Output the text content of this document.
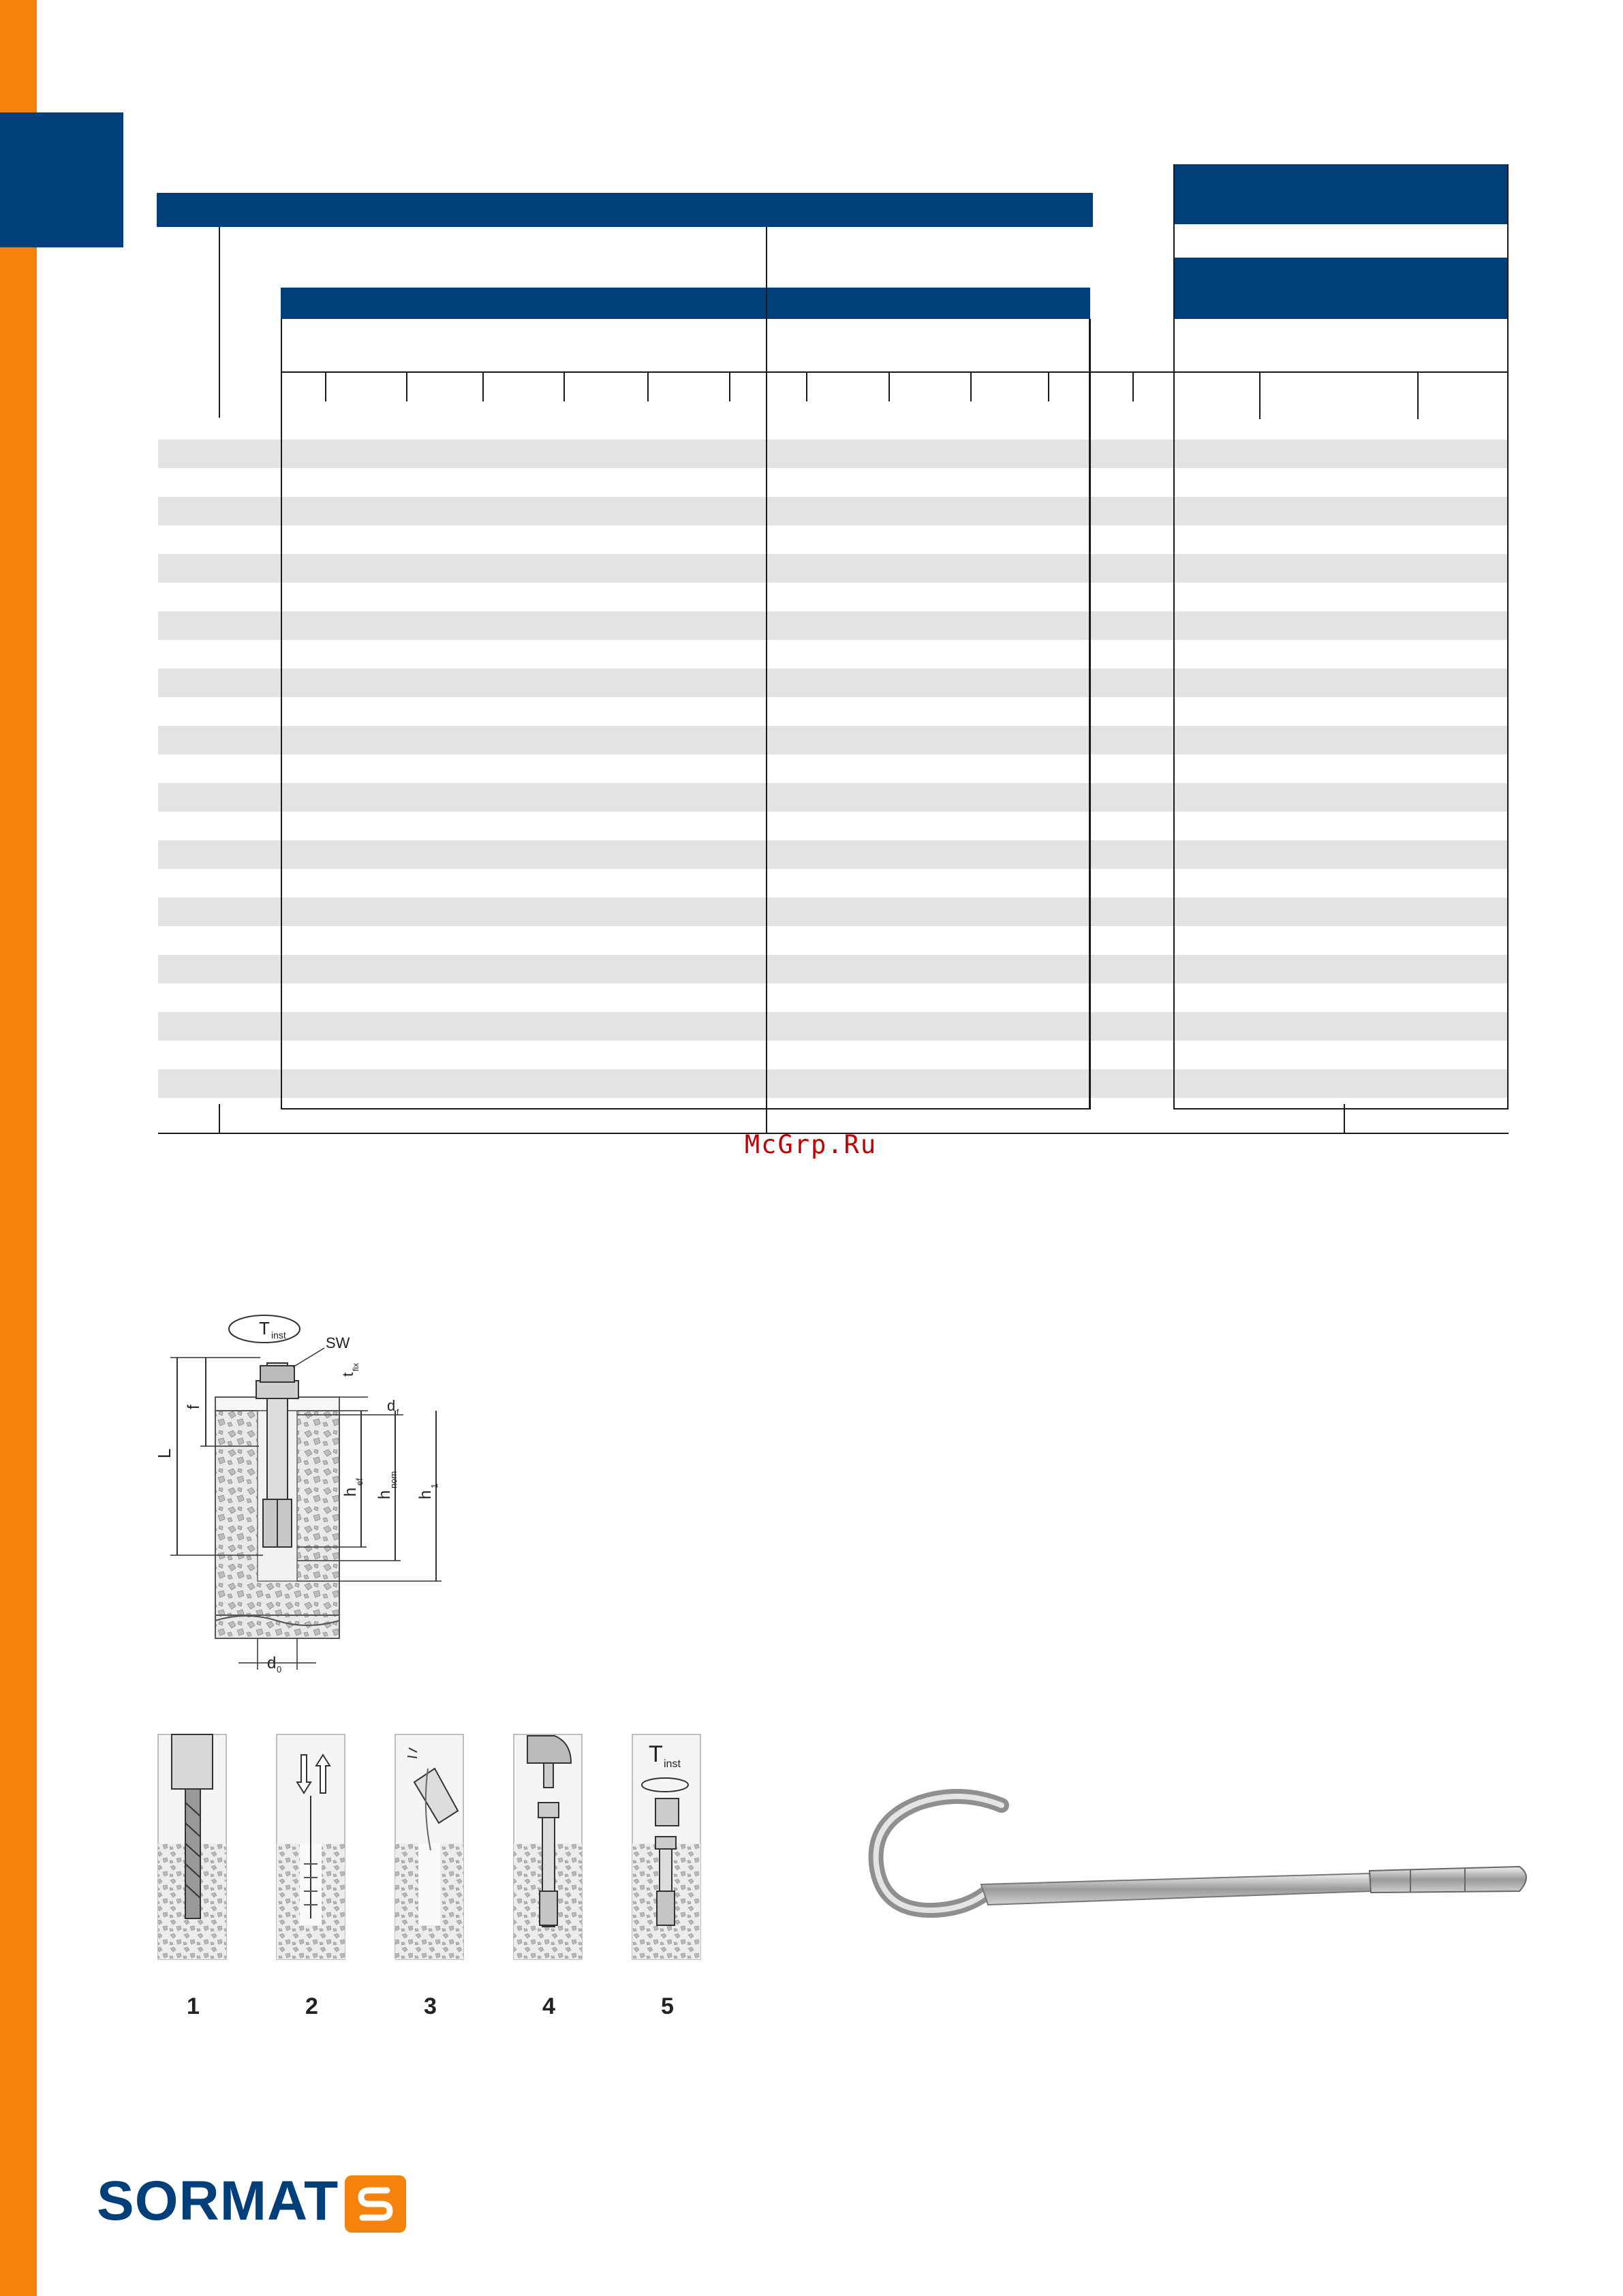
McGrp.Ru
T inst	SW
t
fix
d f
L
f
h
ef
h
nom
h
1
d 0
1	2	3	4
T inst
5
SORMAT
